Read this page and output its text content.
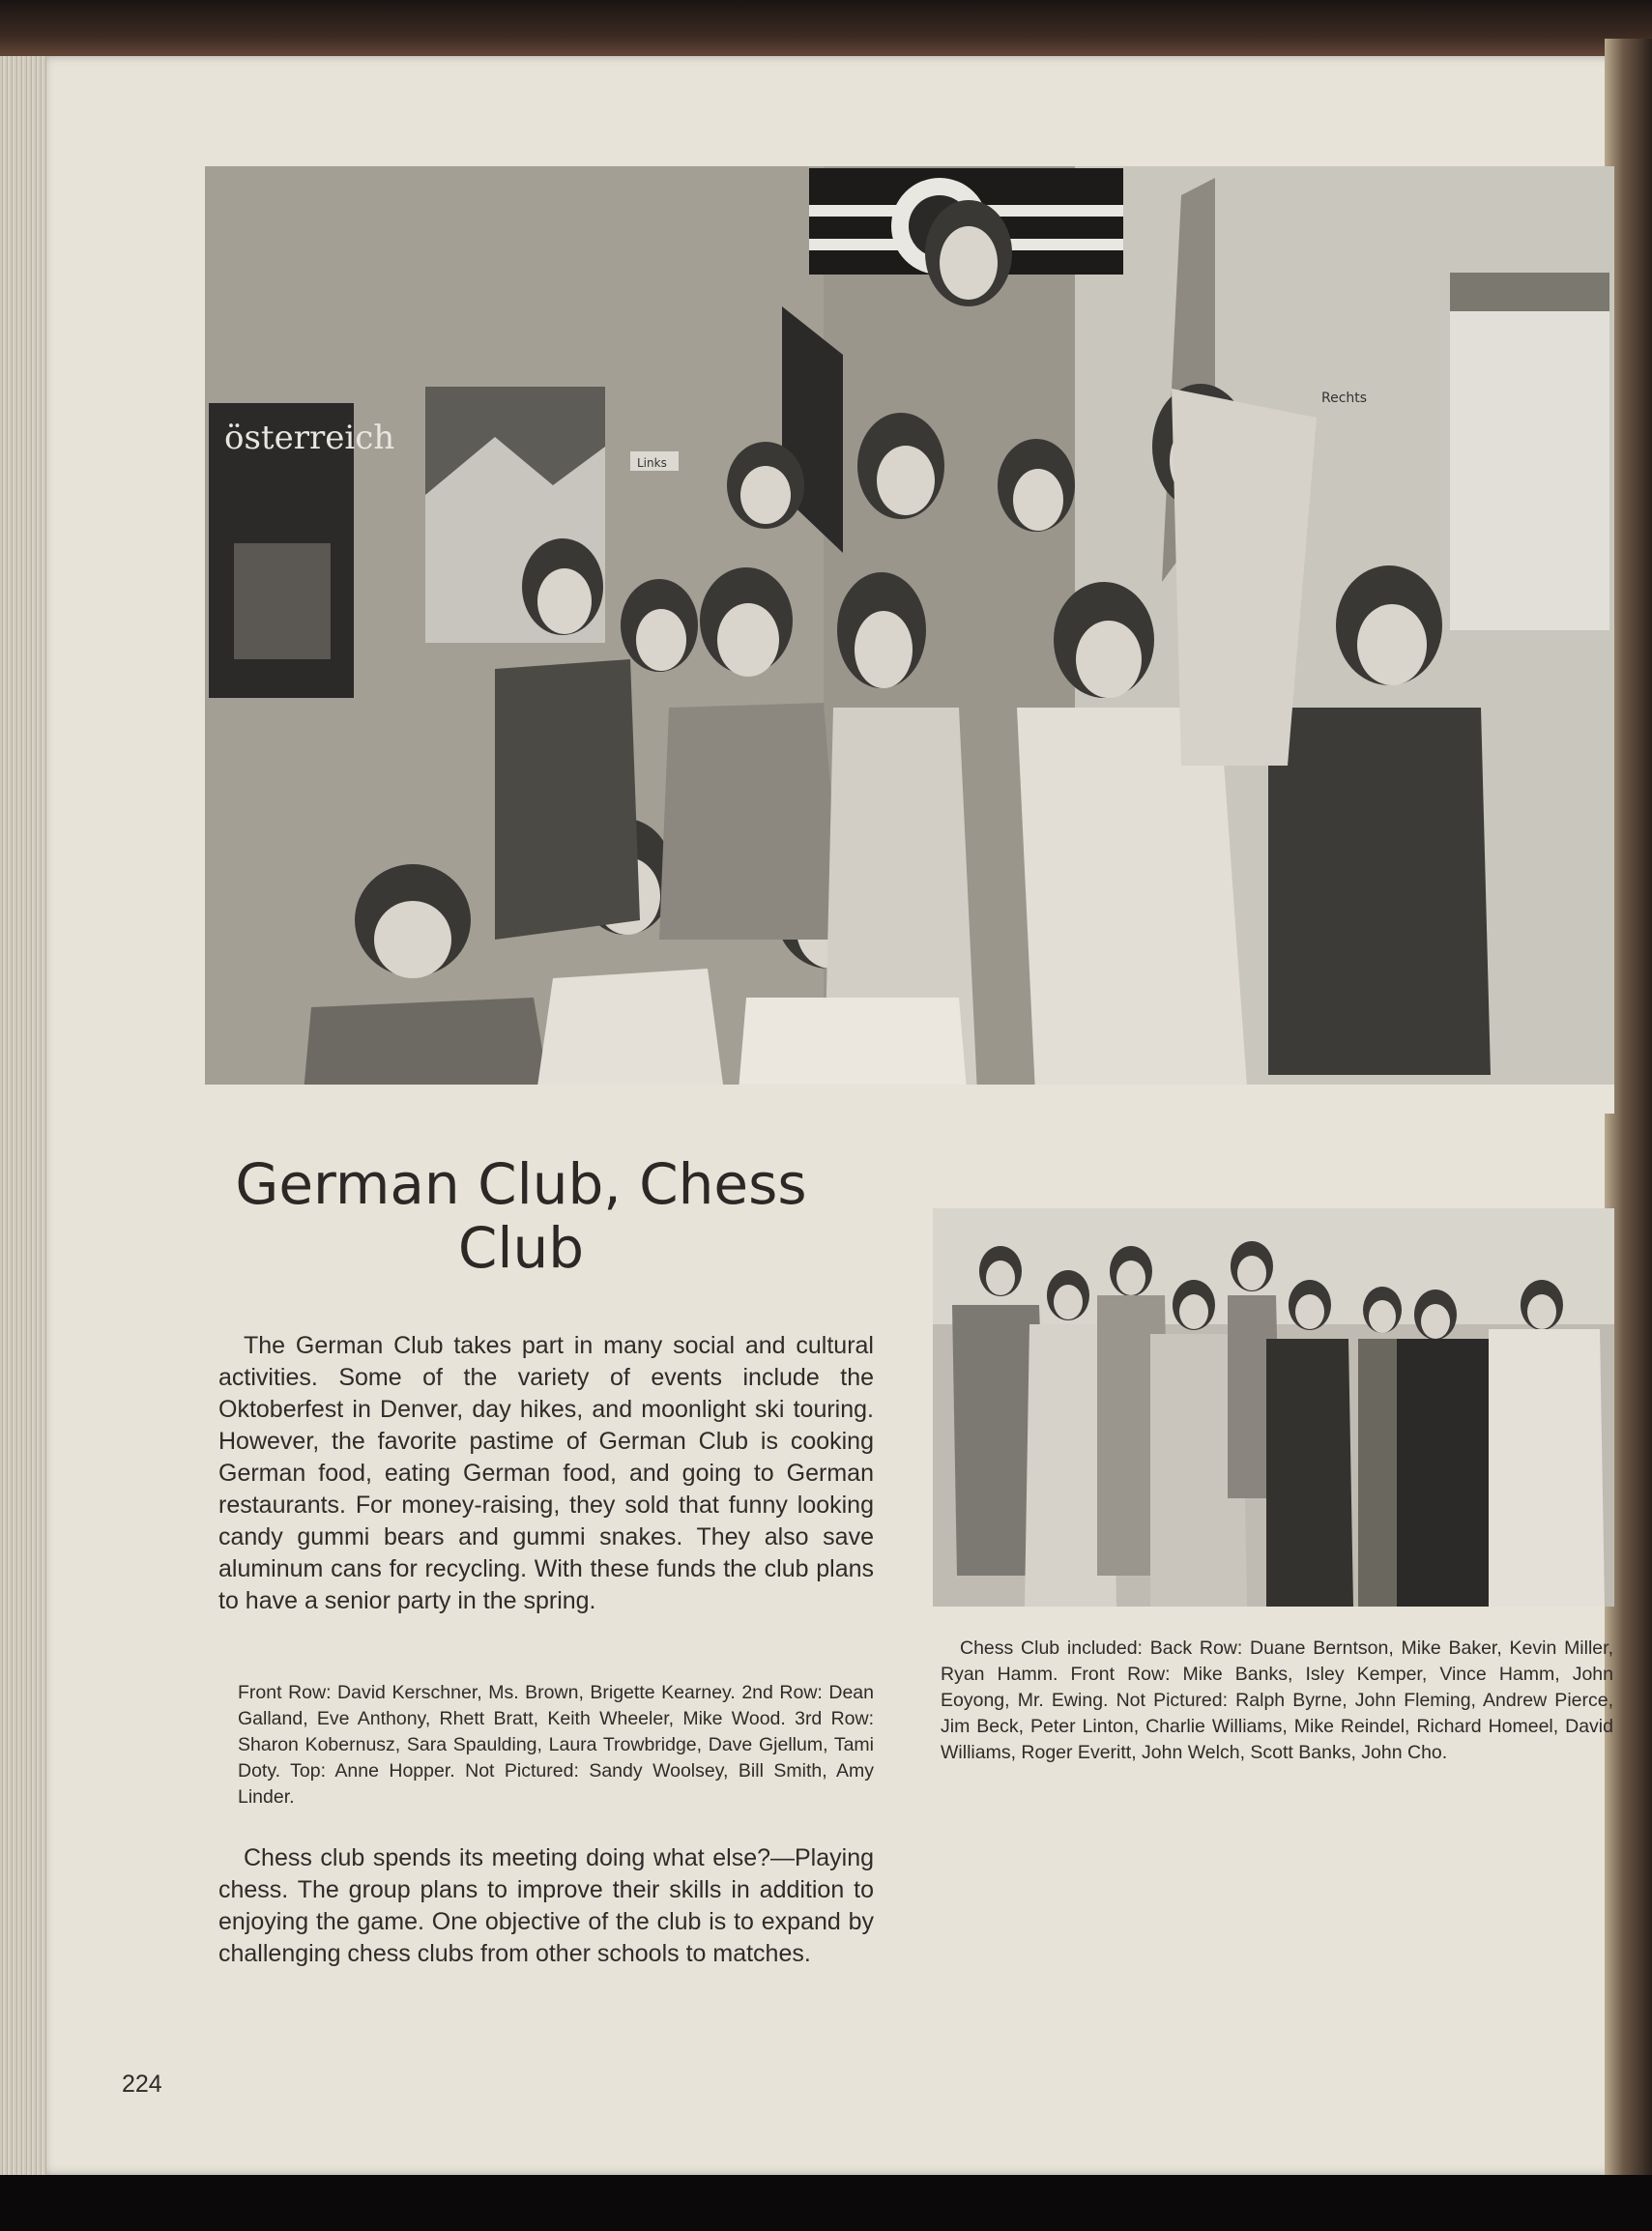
österreich
Links
Rechts
German Club, Chess Club

The German Club takes part in many social and cultural activities. Some of the variety of events include the Oktoberfest in Denver, day hikes, and moonlight ski touring. However, the favorite pastime of German Club is cooking German food, eating German food, and going to German restaurants. For money-raising, they sold that funny looking candy gummi bears and gummi snakes. They also save aluminum cans for recycling. With these funds the club plans to have a senior party in the spring.

Front Row: David Kerschner, Ms. Brown, Brigette Kearney. 2nd Row: Dean Galland, Eve Anthony, Rhett Bratt, Keith Wheeler, Mike Wood. 3rd Row: Sharon Kobernusz, Sara Spaulding, Laura Trowbridge, Dave Gjellum, Tami Doty. Top: Anne Hopper. Not Pictured: Sandy Woolsey, Bill Smith, Amy Linder.

Chess club spends its meeting doing what else?—Playing chess. The group plans to improve their skills in addition to enjoying the game. One objective of the club is to expand by challenging chess clubs from other schools to matches.

Chess Club included: Back Row: Duane Berntson, Mike Baker, Kevin Miller, Ryan Hamm. Front Row: Mike Banks, Isley Kemper, Vince Hamm, John Eoyong, Mr. Ewing. Not Pictured: Ralph Byrne, John Fleming, Andrew Pierce, Jim Beck, Peter Linton, Charlie Williams, Mike Reindel, Richard Homeel, David Williams, Roger Everitt, John Welch, Scott Banks, John Cho.

224
